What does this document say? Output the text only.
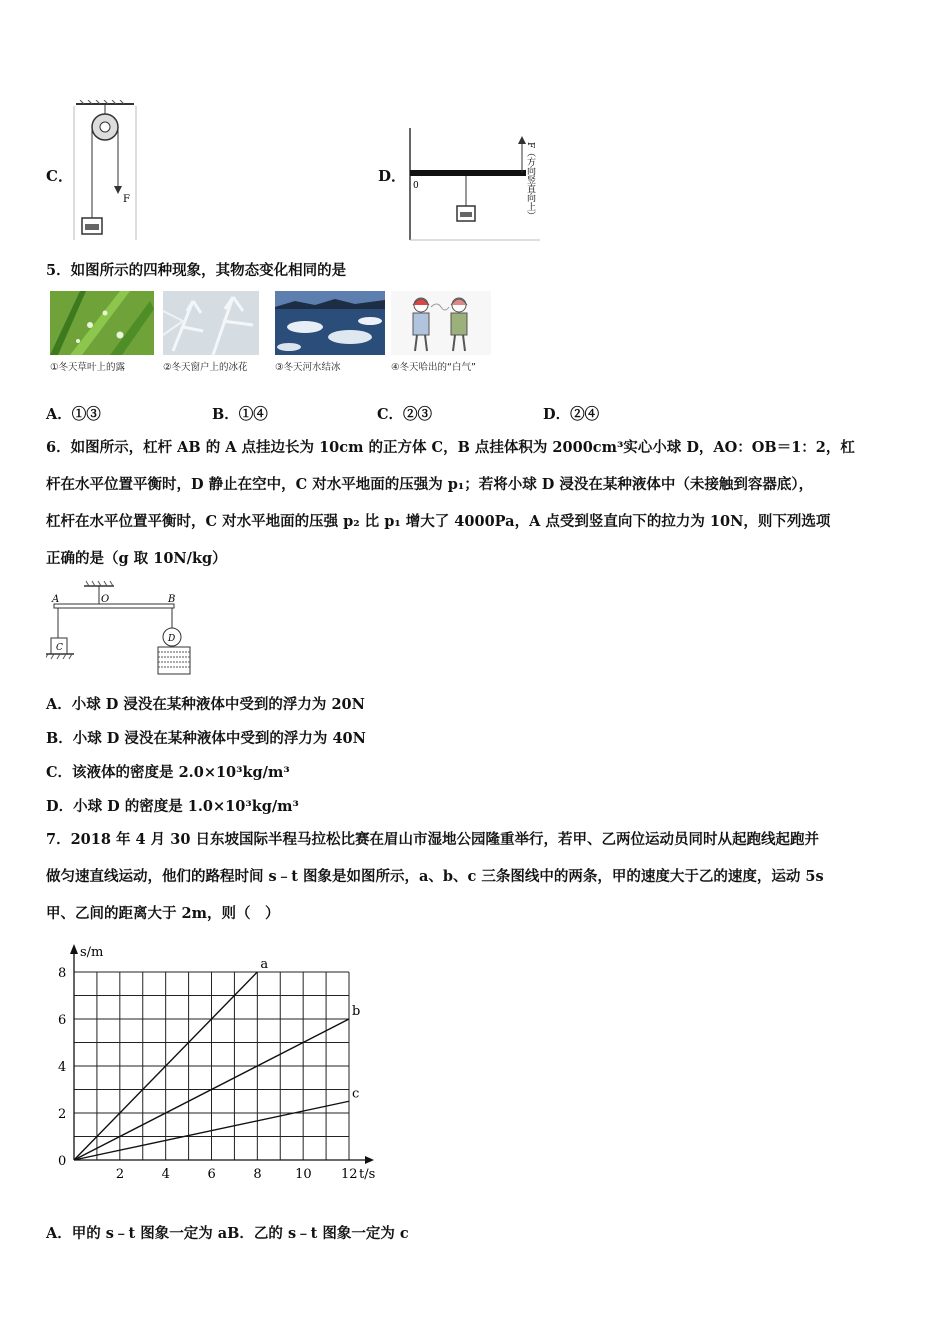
C．
F
D．
0	F（方向竖直向上）
5．如图所示的四种现象，其物态变化相同的是
①冬天草叶上的露	②冬天窗户上的冰花	③冬天河水结冰	④冬天哈出的“白气”
A．①③	B．①④	C．②③	D．②④
6．如图所示，杠杆 AB 的 A 点挂边长为 10cm 的正方体 C，B 点挂体积为 2000cm³实心小球 D，AO：OB＝1：2，杠
杆在水平位置平衡时，D 静止在空中，C 对水平地面的压强为 p₁；若将小球 D 浸没在某种液体中（未接触到容器底），
杠杆在水平位置平衡时，C 对水平地面的压强 p₂ 比 p₁ 增大了 4000Pa，A 点受到竖直向下的拉力为 10N，则下列选项
正确的是（g 取 10N/kg）
A	O	B
C
D
A．小球 D 浸没在某种液体中受到的浮力为 20N
B．小球 D 浸没在某种液体中受到的浮力为 40N
C．该液体的密度是 2.0×10³kg/m³
D．小球 D 的密度是 1.0×10³kg/m³
7．2018 年 4 月 30 日东坡国际半程马拉松比赛在眉山市湿地公园隆重举行，若甲、乙两位运动员同时从起跑线起跑并
做匀速直线运动，他们的路程时间 s﹣t 图象是如图所示，a、b、c 三条图线中的两条，甲的速度大于乙的速度，运动 5s
甲、乙间的距离大于 2m，则（　）
s/m
t/s
0
2
4
6
8
2	4	6	8	10 12
a
b
c
A．甲的 s﹣t 图象一定为 aB．乙的 s﹣t 图象一定为 c
